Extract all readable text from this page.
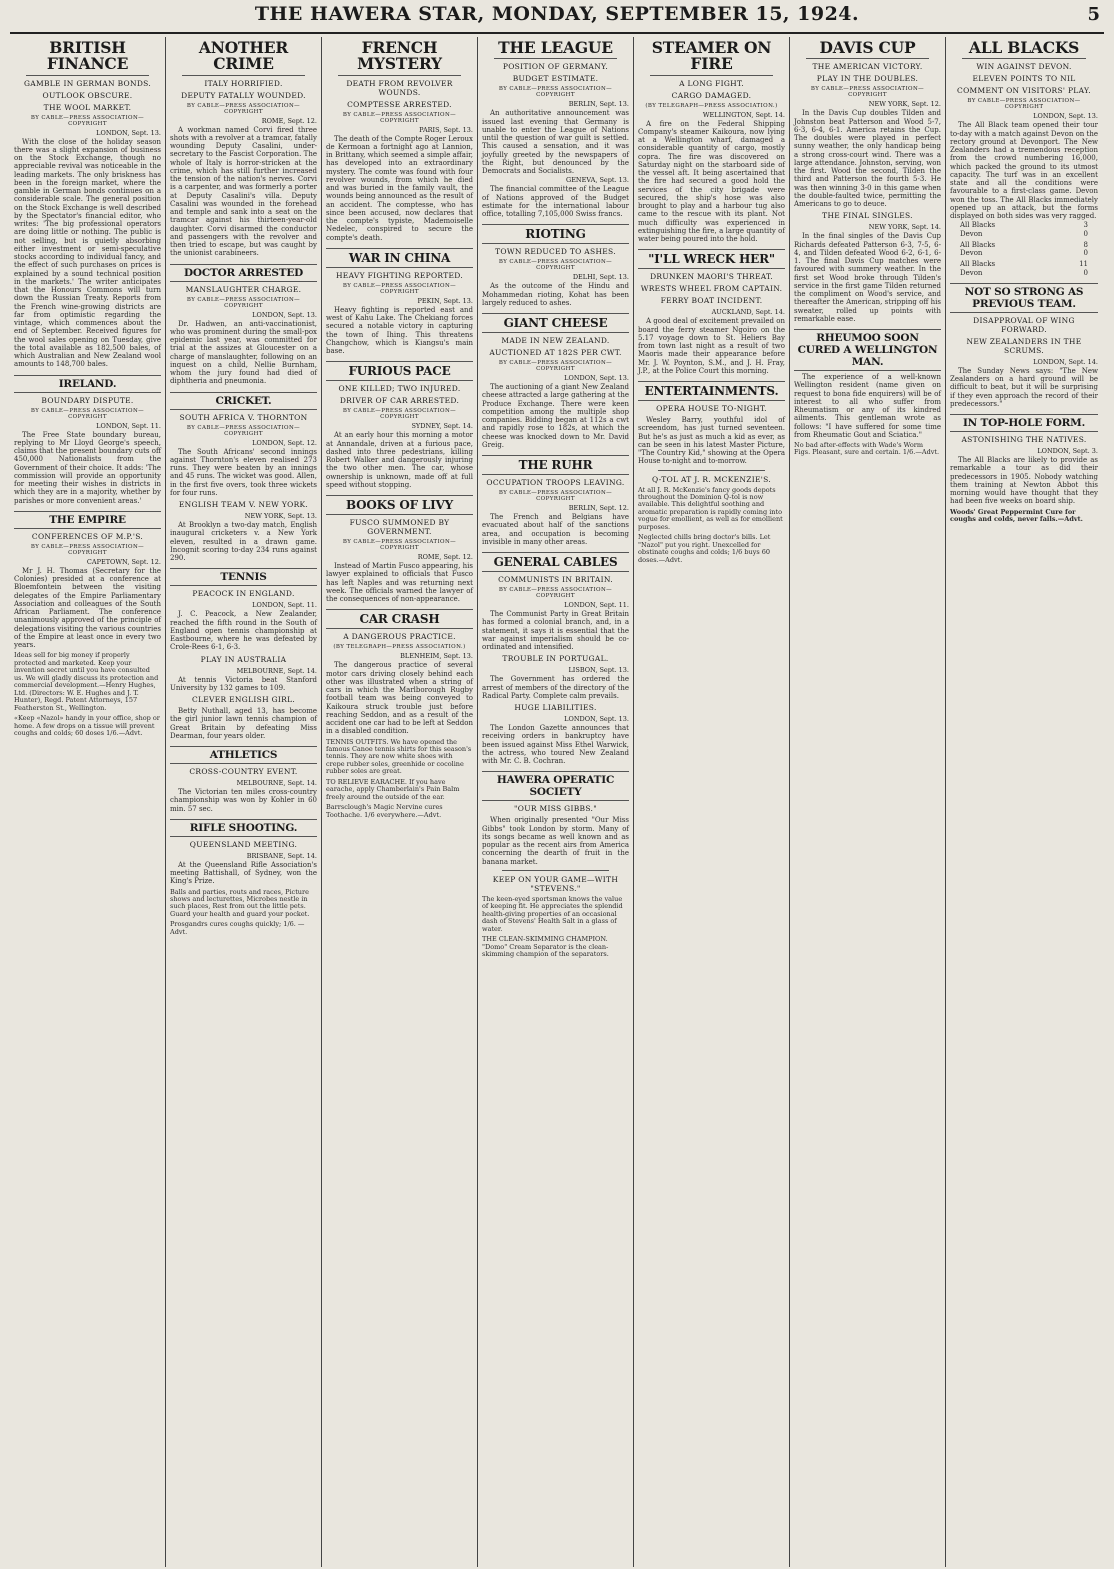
THE HAWERA STAR, MONDAY, SEPTEMBER 15, 1924.	5
BRITISH FINANCE
GAMBLE IN GERMAN BONDS.
OUTLOOK OBSCURE.
THE WOOL MARKET.
BY CABLE—PRESS ASSOCIATION—COPYRIGHT
LONDON, Sept. 13.

With the close of the holiday season there was a slight expansion of business on the Stock Exchange, though no appreciable revival was noticeable in the leading markets. The only briskness has been in the foreign market, where the gamble in German bonds continues on a considerable scale. The general position on the Stock Exchange is well described by the Spectator's financial editor, who writes: 'The big professional operators are doing little or nothing. The public is not selling, but is quietly absorbing either investment or semi-speculative stocks according to individual fancy, and the effect of such purchases on prices is explained by a sound technical position in the markets.' The writer anticipates that the Honours Commons will turn down the Russian Treaty. Reports from the French wine-growing districts are far from optimistic regarding the vintage, which commences about the end of September. Received figures for the wool sales opening on Tuesday, give the total available as 182,500 bales, of which Australian and New Zealand wool amounts to 148,700 bales.

IRELAND.
BOUNDARY DISPUTE.
BY CABLE—PRESS ASSOCIATION—COPYRIGHT
LONDON, Sept. 11.

The Free State boundary bureau, replying to Mr Lloyd George's speech, claims that the present boundary cuts off 450,000 Nationalists from the Government of their choice. It adds: 'The commission will provide an opportunity for meeting their wishes in districts in which they are in a majority, whether by parishes or more convenient areas.'

THE EMPIRE
CONFERENCES OF M.P.'S.
BY CABLE—PRESS ASSOCIATION—COPYRIGHT
CAPETOWN, Sept. 12.

Mr J. H. Thomas (Secretary for the Colonies) presided at a conference at Bloemfontein between the visiting delegates of the Empire Parliamentary Association and colleagues of the South African Parliament. The conference unanimously approved of the principle of delegations visiting the various countries of the Empire at least once in every two years.

Ideas sell for big money if properly protected and marketed. Keep your invention secret until you have consulted us. We will gladly discuss its protection and commercial development.—Henry Hughes, Ltd. (Directors: W. E. Hughes and J. T. Hunter), Regd. Patent Attorneys, 157 Featherston St., Wellington.
«Keep «Nazol» handy in your office, shop or home. A few drops on a tissue will prevent coughs and colds; 60 doses 1/6.—Advt.
ANOTHER CRIME
ITALY HORRIFIED.
DEPUTY FATALLY WOUNDED.
BY CABLE—PRESS ASSOCIATION—COPYRIGHT
ROME, Sept. 12.

A workman named Corvi fired three shots with a revolver at a tramcar, fatally wounding Deputy Casalini, under-secretary to the Fascist Corporation. The whole of Italy is horror-stricken at the crime, which has still further increased the tension of the nation's nerves. Corvi is a carpenter, and was formerly a porter at Deputy Casalini's villa. Deputy Casalini was wounded in the forehead and temple and sank into a seat on the tramcar against his thirteen-year-old daughter. Corvi disarmed the conductor and passengers with the revolver and then tried to escape, but was caught by the unionist carabineers.

DOCTOR ARRESTED
MANSLAUGHTER CHARGE.
BY CABLE—PRESS ASSOCIATION—COPYRIGHT
LONDON, Sept. 13.

Dr. Hadwen, an anti-vaccinationist, who was prominent during the small-pox epidemic last year, was committed for trial at the assizes at Gloucester on a charge of manslaughter, following on an inquest on a child, Nellie Burnham, whom the jury found had died of diphtheria and pneumonia.

CRICKET.
SOUTH AFRICA V. THORNTON
BY CABLE—PRESS ASSOCIATION—COPYRIGHT
LONDON, Sept. 12.

The South Africans' second innings against Thornton's eleven realised 273 runs. They were beaten by an innings and 45 runs. The wicket was good. Allen, in the first five overs, took three wickets for four runs.

ENGLISH TEAM V. NEW YORK.
NEW YORK, Sept. 13.

At Brooklyn a two-day match, English inaugural cricketers v. a New York eleven, resulted in a drawn game. Incognit scoring to-day 234 runs against 290.

TENNIS
PEACOCK IN ENGLAND.
LONDON, Sept. 11.

J. C. Peacock, a New Zealander, reached the fifth round in the South of England open tennis championship at Eastbourne, where he was defeated by Crole-Rees 6-1, 6-3.

PLAY IN AUSTRALIA
MELBOURNE, Sept. 14.

At tennis Victoria beat Stanford University by 132 games to 109.

CLEVER ENGLISH GIRL.

Betty Nuthall, aged 13, has become the girl junior lawn tennis champion of Great Britain by defeating Miss Dearman, four years older.

ATHLETICS
CROSS-COUNTRY EVENT.
MELBOURNE, Sept. 14.

The Victorian ten miles cross-country championship was won by Kohler in 60 min. 57 sec.

RIFLE SHOOTING.
QUEENSLAND MEETING.
BRISBANE, Sept. 14.

At the Queensland Rifle Association's meeting Battishall, of Sydney, won the King's Prize.

Balls and parties, routs and races, Picture shows and lecturettes, Microbes nestle in such places, Rest from out the little pets. Guard your health and guard your pocket.
Prosgandrs cures coughs quickly; 1/6. —Advt.
FRENCH MYSTERY
DEATH FROM REVOLVER WOUNDS.
COMPTESSE ARRESTED.
BY CABLE—PRESS ASSOCIATION—COPYRIGHT
PARIS, Sept. 13.

The death of the Compte Roger Leroux de Kermoan a fortnight ago at Lannion, in Brittany, which seemed a simple affair, has developed into an extraordinary mystery. The comte was found with four revolver wounds, from which he died and was buried in the family vault, the wounds being announced as the result of an accident. The comptesse, who has since been accused, now declares that the compte's typiste, Mademoiselle Nedelec, conspired to secure the compte's death.

WAR IN CHINA
HEAVY FIGHTING REPORTED.
BY CABLE—PRESS ASSOCIATION—COPYRIGHT
PEKIN, Sept. 13.

Heavy fighting is reported east and west of Kahu Lake. The Chekiang forces secured a notable victory in capturing the town of Ihing. This threatens Changchow, which is Kiangsu's main base.

FURIOUS PACE
ONE KILLED; TWO INJURED.
DRIVER OF CAR ARRESTED.
BY CABLE—PRESS ASSOCIATION—COPYRIGHT
SYDNEY, Sept. 14.

At an early hour this morning a motor at Annandale, driven at a furious pace, dashed into three pedestrians, killing Robert Walker and dangerously injuring the two other men. The car, whose ownership is unknown, made off at full speed without stopping.

BOOKS OF LIVY
FUSCO SUMMONED BY GOVERNMENT.
BY CABLE—PRESS ASSOCIATION—COPYRIGHT
ROME, Sept. 12.

Instead of Martin Fusco appearing, his lawyer explained to officials that Fusco has left Naples and was returning next week. The officials warned the lawyer of the consequences of non-appearance.

CAR CRASH
A DANGEROUS PRACTICE.
(BY TELEGRAPH—PRESS ASSOCIATION.)
BLENHEIM, Sept. 13.

The dangerous practice of several motor cars driving closely behind each other was illustrated when a string of cars in which the Marlborough Rugby football team was being conveyed to Kaikoura struck trouble just before reaching Seddon, and as a result of the accident one car had to be left at Seddon in a disabled condition.

TENNIS OUTFITS. We have opened the famous Canoe tennis shirts for this season's tennis. They are now white shoes with crepe rubber soles, greenhide or cocoline rubber soles are great.
TO RELIEVE EARACHE. If you have earache, apply Chamberlain's Pain Balm freely around the outside of the ear.
Barrsclough's Magic Nervine cures Toothache. 1/6 everywhere.—Advt.
THE LEAGUE
POSITION OF GERMANY.
BUDGET ESTIMATE.
BY CABLE—PRESS ASSOCIATION—COPYRIGHT
BERLIN, Sept. 13.

An authoritative announcement was issued last evening that Germany is unable to enter the League of Nations until the question of war guilt is settled. This caused a sensation, and it was joyfully greeted by the newspapers of the Right, but denounced by the Democrats and Socialists.

GENEVA, Sept. 13.

The financial committee of the League of Nations approved of the Budget estimate for the international labour office, totalling 7,105,000 Swiss francs.

RIOTING
TOWN REDUCED TO ASHES.
BY CABLE—PRESS ASSOCIATION—COPYRIGHT
DELHI, Sept. 13.

As the outcome of the Hindu and Mohammedan rioting, Kohat has been largely reduced to ashes.

GIANT CHEESE
MADE IN NEW ZEALAND.
AUCTIONED AT 182S PER CWT.
BY CABLE—PRESS ASSOCIATION—COPYRIGHT
LONDON, Sept. 13.

The auctioning of a giant New Zealand cheese attracted a large gathering at the Produce Exchange. There were keen competition among the multiple shop companies. Bidding began at 112s a cwt and rapidly rose to 182s, at which the cheese was knocked down to Mr. David Greig.

THE RUHR
OCCUPATION TROOPS LEAVING.
BY CABLE—PRESS ASSOCIATION—COPYRIGHT
BERLIN, Sept. 12.

The French and Belgians have evacuated about half of the sanctions area, and occupation is becoming invisible in many other areas.

GENERAL CABLES
COMMUNISTS IN BRITAIN.
BY CABLE—PRESS ASSOCIATION—COPYRIGHT
LONDON, Sept. 11.

The Communist Party in Great Britain has formed a colonial branch, and, in a statement, it says it is essential that the war against imperialism should be co-ordinated and intensified.

TROUBLE IN PORTUGAL.
LISBON, Sept. 13.

The Government has ordered the arrest of members of the directory of the Radical Party. Complete calm prevails.

HUGE LIABILITIES.
LONDON, Sept. 13.

The London Gazette announces that receiving orders in bankruptcy have been issued against Miss Ethel Warwick, the actress, who toured New Zealand with Mr. C. B. Cochran.

HAWERA OPERATIC SOCIETY
"OUR MISS GIBBS."

When originally presented "Our Miss Gibbs" took London by storm. Many of its songs became as well known and as popular as the recent airs from America concerning the dearth of fruit in the banana market.

KEEP ON YOUR GAME—WITH "STEVENS."
The keen-eyed sportsman knows the value of keeping fit. He appreciates the splendid health-giving properties of an occasional dash of Stevens' Health Salt in a glass of water.
THE CLEAN-SKIMMING CHAMPION. "Domo" Cream Separator is the clean-skimming champion of the separators.
STEAMER ON FIRE
A LONG FIGHT.
CARGO DAMAGED.
(BY TELEGRAPH—PRESS ASSOCIATION.)
WELLINGTON, Sept. 14.

A fire on the Federal Shipping Company's steamer Kaikoura, now lying at a Wellington wharf, damaged a considerable quantity of cargo, mostly copra. The fire was discovered on Saturday night on the starboard side of the vessel aft. It being ascertained that the fire had secured a good hold the services of the city brigade were secured, the ship's hose was also brought to play and a harbour tug also came to the rescue with its plant. Not much difficulty was experienced in extinguishing the fire, a large quantity of water being poured into the hold.

"I'LL WRECK HER"
DRUNKEN MAORI'S THREAT.
WRESTS WHEEL FROM CAPTAIN.
FERRY BOAT INCIDENT.
AUCKLAND, Sept. 14.

A good deal of excitement prevailed on board the ferry steamer Ngoiro on the 5.17 voyage down to St. Heliers Bay from town last night as a result of two Maoris made their appearance before Mr. J. W. Poynton, S.M., and J. H. Fray, J.P., at the Police Court this morning.

ENTERTAINMENTS.
OPERA HOUSE TO-NIGHT.

Wesley Barry, youthful idol of screendom, has just turned seventeen. But he's as just as much a kid as ever, as can be seen in his latest Master Picture, "The Country Kid," showing at the Opera House to-night and to-morrow.

Q-TOL AT J. R. MCKENZIE'S.
At all J. R. McKenzie's fancy goods depots throughout the Dominion Q-tol is now available. This delightful soothing and aromatic preparation is rapidly coming into vogue for emollient, as well as for emollient purposes.
Neglected chills bring doctor's bills. Let "Nazol" put you right. Unexcelled for obstinate coughs and colds; 1/6 buys 60 doses.—Advt.
DAVIS CUP
THE AMERICAN VICTORY.
PLAY IN THE DOUBLES.
BY CABLE—PRESS ASSOCIATION—COPYRIGHT
NEW YORK, Sept. 12.

In the Davis Cup doubles Tilden and Johnston beat Patterson and Wood 5-7, 6-3, 6-4, 6-1. America retains the Cup. The doubles were played in perfect sunny weather, the only handicap being a strong cross-court wind. There was a large attendance. Johnston, serving, won the first. Wood the second, Tilden the third and Patterson the fourth 5-3. He was then winning 3-0 in this game when the double-faulted twice, permitting the Americans to go to deuce.

THE FINAL SINGLES.
NEW YORK, Sept. 14.

In the final singles of the Davis Cup Richards defeated Patterson 6-3, 7-5, 6-4, and Tilden defeated Wood 6-2, 6-1, 6-1. The final Davis Cup matches were favoured with summery weather. In the first set Wood broke through Tilden's service in the first game Tilden returned the compliment on Wood's service, and thereafter the American, stripping off his sweater, rolled up points with remarkable ease.

RHEUMOO SOON CURED A WELLINGTON MAN.

The experience of a well-known Wellington resident (name given on request to bona fide enquirers) will be of interest to all who suffer from Rheumatism or any of its kindred ailments. This gentleman wrote as follows: "I have suffered for some time from Rheumatic Gout and Sciatica."

No bad after-effects with Wade's Worm Figs. Pleasant, sure and certain. 1/6.—Advt.
ALL BLACKS
WIN AGAINST DEVON.
ELEVEN POINTS TO NIL
COMMENT ON VISITORS' PLAY.
BY CABLE—PRESS ASSOCIATION—COPYRIGHT
LONDON, Sept. 13.

The All Black team opened their tour to-day with a match against Devon on the rectory ground at Devonport. The New Zealanders had a tremendous reception from the crowd numbering 16,000, which packed the ground to its utmost capacity. The turf was in an excellent state and all the conditions were favourable to a first-class game. Devon won the toss. The All Blacks immediately opened up an attack, but the forms displayed on both sides was very ragged.

All Blacks	3
Devon	0
All Blacks	8
Devon	0
All Blacks	11
Devon	0
NOT SO STRONG AS PREVIOUS TEAM.
DISAPPROVAL OF WING FORWARD.
NEW ZEALANDERS IN THE SCRUMS.
LONDON, Sept. 14.

The Sunday News says: "The New Zealanders on a hard ground will be difficult to beat, but it will be surprising if they even approach the record of their predecessors."

IN TOP-HOLE FORM.
ASTONISHING THE NATIVES.
LONDON, Sept. 3.

The All Blacks are likely to provide as remarkable a tour as did their predecessors in 1905. Nobody watching them training at Newton Abbot this morning would have thought that they had been five weeks on board ship.

Woods' Great Peppermint Cure for coughs and colds, never fails.—Advt.
